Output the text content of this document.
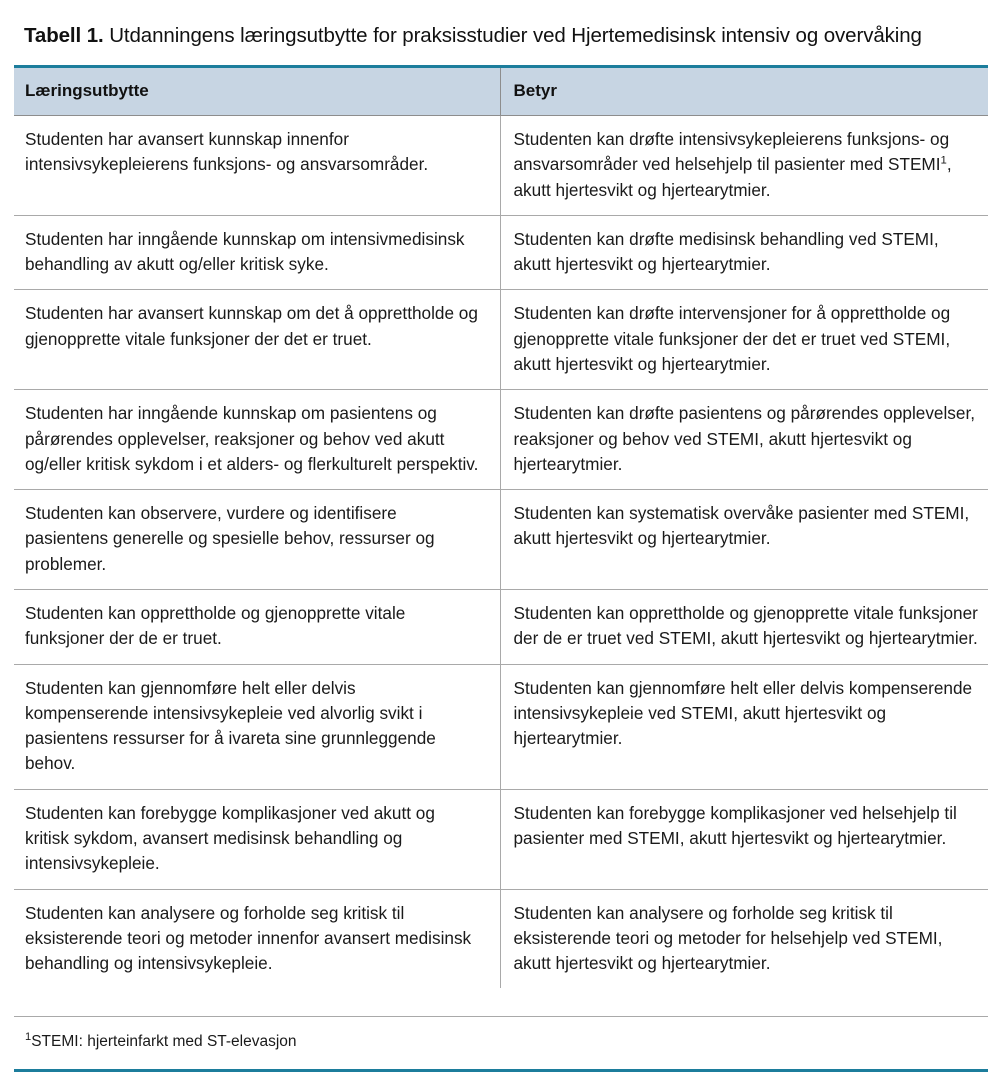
Tabell 1. Utdanningens læringsutbytte for praksisstudier ved Hjertemedisinsk intensiv og overvåking
Læringsutbytte	Betyr
Studenten har avansert kunnskap innenfor intensivsykepleierens funksjons- og ansvarsområder.	Studenten kan drøfte intensivsykepleierens funksjons- og ansvarsområder ved helsehjelp til pasienter med STEMI$^1$, akutt hjertesvikt og hjertearytmier.
Studenten har inngående kunnskap om intensivmedisinsk behandling av akutt og/eller kritisk syke.	Studenten kan drøfte medisinsk behandling ved STEMI, akutt hjertesvikt og hjertearytmier.
Studenten har avansert kunnskap om det å opprettholde og gjenopprette vitale funksjoner der det er truet.	Studenten kan drøfte intervensjoner for å opprettholde og gjenopprette vitale funksjoner der det er truet ved STEMI, akutt hjertesvikt og hjertearytmier.
Studenten har inngående kunnskap om pasientens og pårørendes opplevelser, reaksjoner og behov ved akutt og/eller kritisk sykdom i et alders- og flerkulturelt perspektiv.	Studenten kan drøfte pasientens og pårørendes opplevelser, reaksjoner og behov ved STEMI, akutt hjertesvikt og hjertearytmier.
Studenten kan observere, vurdere og identifisere pasientens generelle og spesielle behov, ressurser og problemer.	Studenten kan systematisk overvåke pasienter med STEMI, akutt hjertesvikt og hjertearytmier.
Studenten kan opprettholde og gjenopprette vitale funksjoner der de er truet.	Studenten kan opprettholde og gjenopprette vitale funksjoner der de er truet ved STEMI, akutt hjertesvikt og hjertearytmier.
Studenten kan gjennomføre helt eller delvis kompenserende intensivsykepleie ved alvorlig svikt i pasientens ressurser for å ivareta sine grunnleggende behov.	Studenten kan gjennomføre helt eller delvis kompenserende intensivsykepleie ved STEMI, akutt hjertesvikt og hjertearytmier.
Studenten kan forebygge komplikasjoner ved akutt og kritisk sykdom, avansert medisinsk behandling og intensivsykepleie.	Studenten kan forebygge komplikasjoner ved helsehjelp til pasienter med STEMI, akutt hjertesvikt og hjertearytmier.
Studenten kan analysere og forholde seg kritisk til eksisterende teori og metoder innenfor avansert medisinsk behandling og intensivsykepleie.	Studenten kan analysere og forholde seg kritisk til eksisterende teori og metoder for helsehjelp ved STEMI, akutt hjertesvikt og hjertearytmier.
$^1$STEMI: hjerteinfarkt med ST-elevasjon
